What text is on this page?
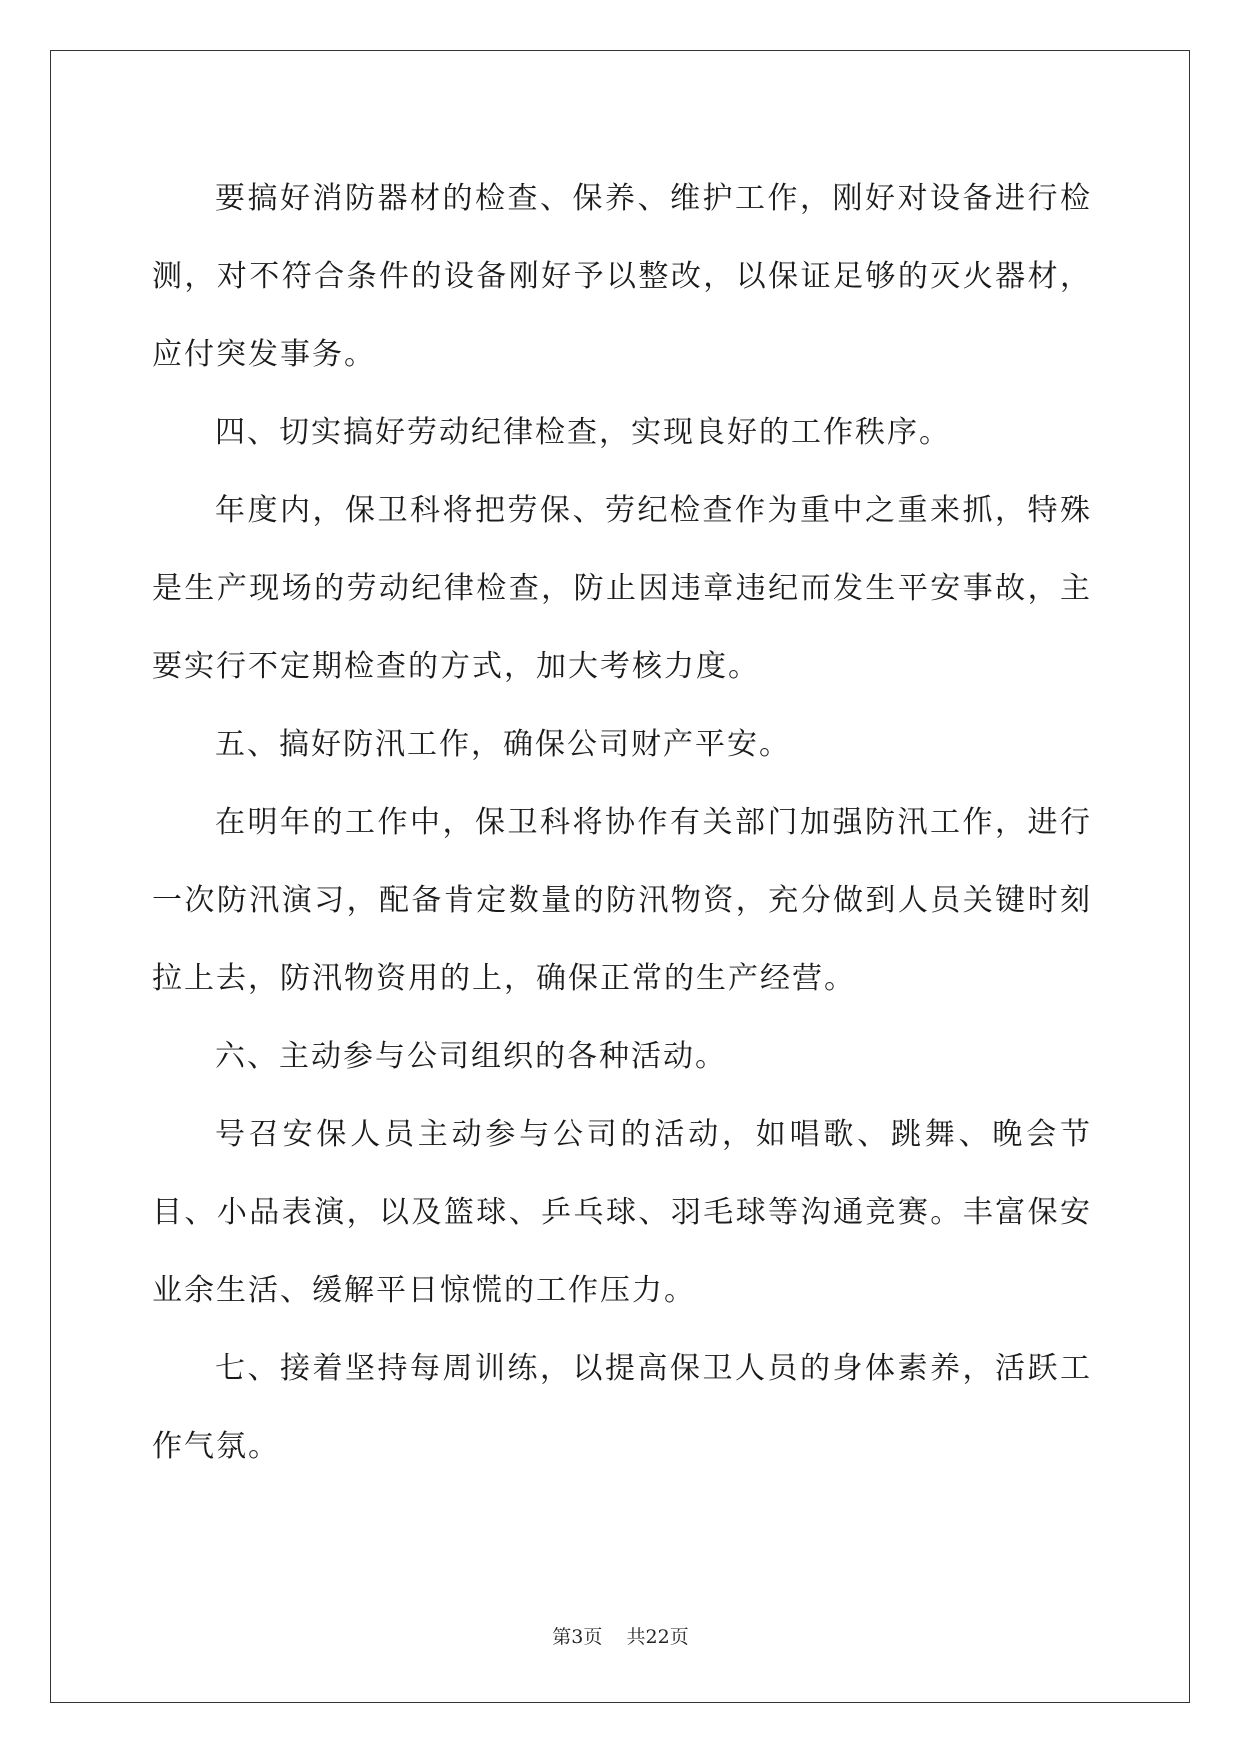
要搞好消防器材的检查、保养、维护工作，刚好对设备进行检测，对不符合条件的设备刚好予以整改，以保证足够的灭火器材，应付突发事务。

四、切实搞好劳动纪律检查，实现良好的工作秩序。

年度内，保卫科将把劳保、劳纪检查作为重中之重来抓，特殊是生产现场的劳动纪律检查，防止因违章违纪而发生平安事故，主要实行不定期检查的方式，加大考核力度。

五、搞好防汛工作，确保公司财产平安。

在明年的工作中，保卫科将协作有关部门加强防汛工作，进行一次防汛演习，配备肯定数量的防汛物资，充分做到人员关键时刻拉上去，防汛物资用的上，确保正常的生产经营。

六、主动参与公司组织的各种活动。

号召安保人员主动参与公司的活动，如唱歌、跳舞、晚会节目、小品表演，以及篮球、乒乓球、羽毛球等沟通竞赛。丰富保安业余生活、缓解平日惊慌的工作压力。

七、接着坚持每周训练，以提高保卫人员的身体素养，活跃工作气氛。

第3页 共22页
